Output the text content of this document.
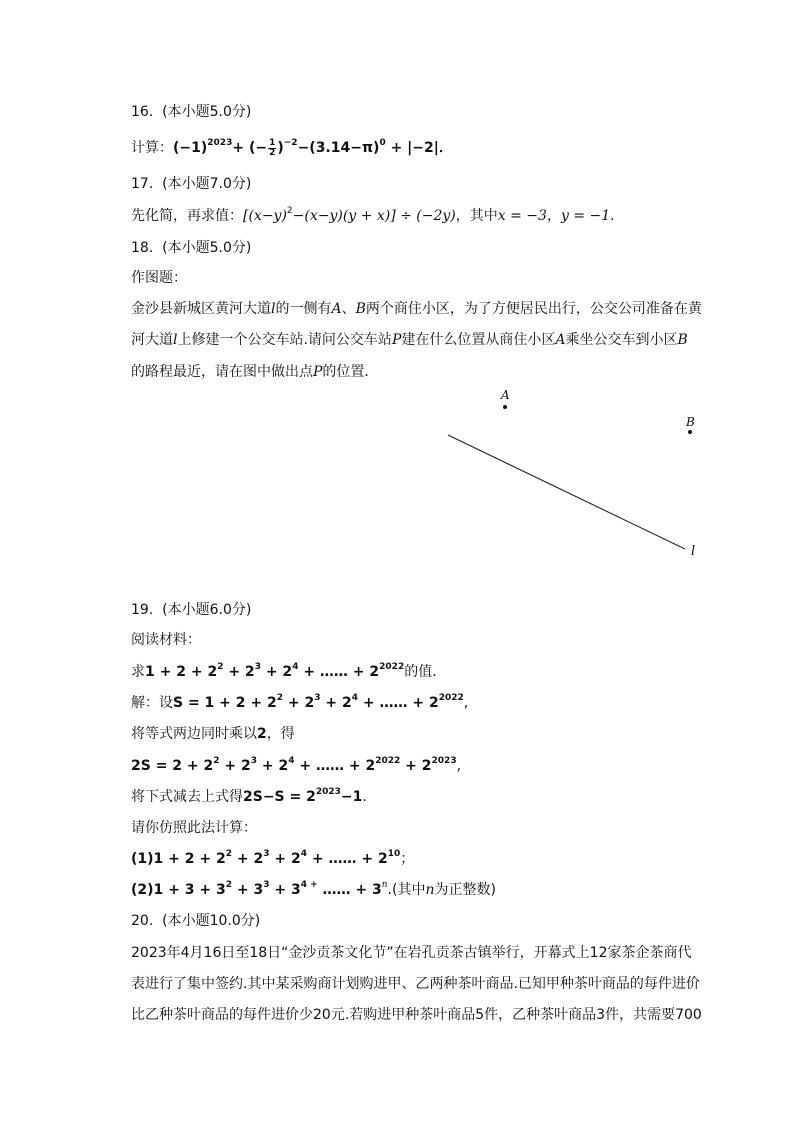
16.  (本小题5.0分)
计算：$(-1)^{2023}+$ (− $\frac{1}{2} )^{-2}-(3.14-\pi)^0 + |-2|$．
17.  (本小题7.0分)
先化简，再求值：$[(x-y)^2-(x-y)(y + x)] \div (-2y)$，其中x = −3，y = −1.
18.  (本小题5.0分)
作图题：
金沙县新城区黄河大道l的一侧有A、B两个商住小区，为了方便居民出行，公交公司准备在黄
河大道l上修建一个公交车站.请问公交车站P建在什么位置从商住小区A乘坐公交车到小区B
的路程最近，请在图中做出点P的位置．
A
B
l
19.  (本小题6.0分)
阅读材料：
求$1 + 2 + 2^2 + 2^3 + 2^4$ + …… + $2^{2022}$的值．
解：设$S = 1 + 2 + 2^2 + 2^3 + 2^4$ + …… + $2^{2022}$,
将等式两边同时乘以2，得
$2S = 2 + 2^2 + 2^3 + 2^4$ + …… + $2^{2022} + 2^{2023}$,
将下式减去上式得$2S-S = 2^{2023}-1$．
请你仿照此法计算：
$(1)1 + 2 + 2^2 + 2^3 + 2^4$ + …… + $2^{10}$；
$(2)1 + 3 + 3^2 + 3^3 + 3^{4 +}$ …… + $3^n$.(其中n为正整数)
20.  (本小题10.0分)
2023年4月16日至18日“金沙贡茶文化节”在岩孔贡茶古镇举行，开幕式上12家茶企茶商代
表进行了集中签约.其中某采购商计划购进甲、乙两种茶叶商品.已知甲种茶叶商品的每件进价
比乙种茶叶商品的每件进价少20元.若购进甲种茶叶商品5件，乙种茶叶商品3件，共需要700
